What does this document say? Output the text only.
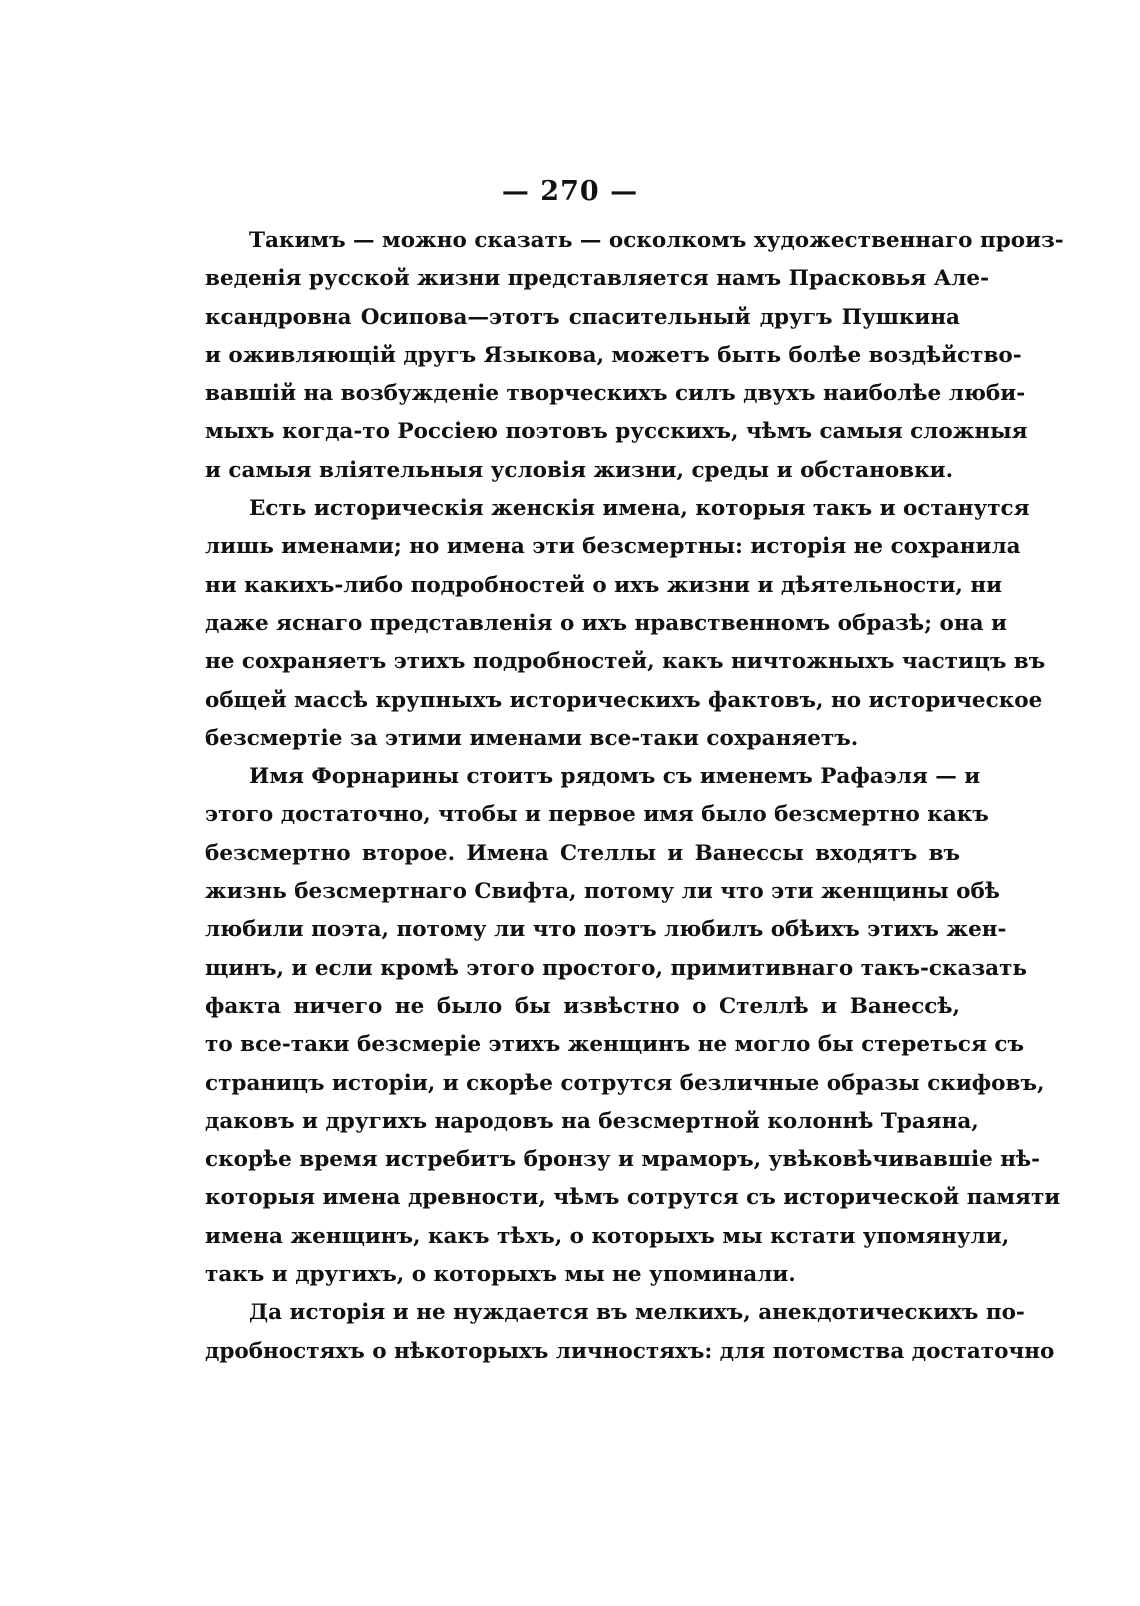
— 270 —
Такимъ — можно сказать — осколкомъ художественнаго произ-
веденія русской жизни представляется намъ Прасковья Але-
ксандровна Осипова—этотъ спасительный другъ Пушкина
и оживляющій другъ Языкова, можетъ быть болѣе воздѣйство-
вавшій на возбужденіе творческихъ силъ двухъ наиболѣе люби-
мыхъ когда-то Россіею поэтовъ русскихъ, чѣмъ самыя сложныя
и самыя вліятельныя условія жизни, среды и обстановки.
Есть историческія женскія имена, которыя такъ и останутся
лишь именами; но имена эти безсмертны: исторія не сохранила
ни какихъ-либо подробностей о ихъ жизни и дѣятельности, ни
даже яснаго представленія о ихъ нравственномъ образѣ; она и
не сохраняетъ этихъ подробностей, какъ ничтожныхъ частицъ въ
общей массѣ крупныхъ историческихъ фактовъ, но историческое
безсмертіе за этими именами все-таки сохраняетъ.
Имя Форнарины стоитъ рядомъ съ именемъ Рафаэля — и
этого достаточно, чтобы и первое имя было безсмертно какъ
безсмертно второе. Имена Стеллы и Ванессы входятъ въ
жизнь безсмертнаго Свифта, потому ли что эти женщины обѣ
любили поэта, потому ли что поэтъ любилъ обѣихъ этихъ жен-
щинъ, и если кромѣ этого простого, примитивнаго такъ-сказать
факта ничего не было бы извѣстно о Стеллѣ и Ванессѣ,
то все-таки безсмеріе этихъ женщинъ не могло бы стереться съ
страницъ исторіи, и скорѣе сотрутся безличные образы скифовъ,
даковъ и другихъ народовъ на безсмертной колоннѣ Траяна,
скорѣе время истребитъ бронзу и мраморъ, увѣковѣчивавшіе нѣ-
которыя имена древности, чѣмъ сотрутся съ исторической памяти
имена женщинъ, какъ тѣхъ, о которыхъ мы кстати упомянули,
такъ и другихъ, о которыхъ мы не упоминали.
Да исторія и не нуждается въ мелкихъ, анекдотическихъ по-
дробностяхъ о нѣкоторыхъ личностяхъ: для потомства достаточно
